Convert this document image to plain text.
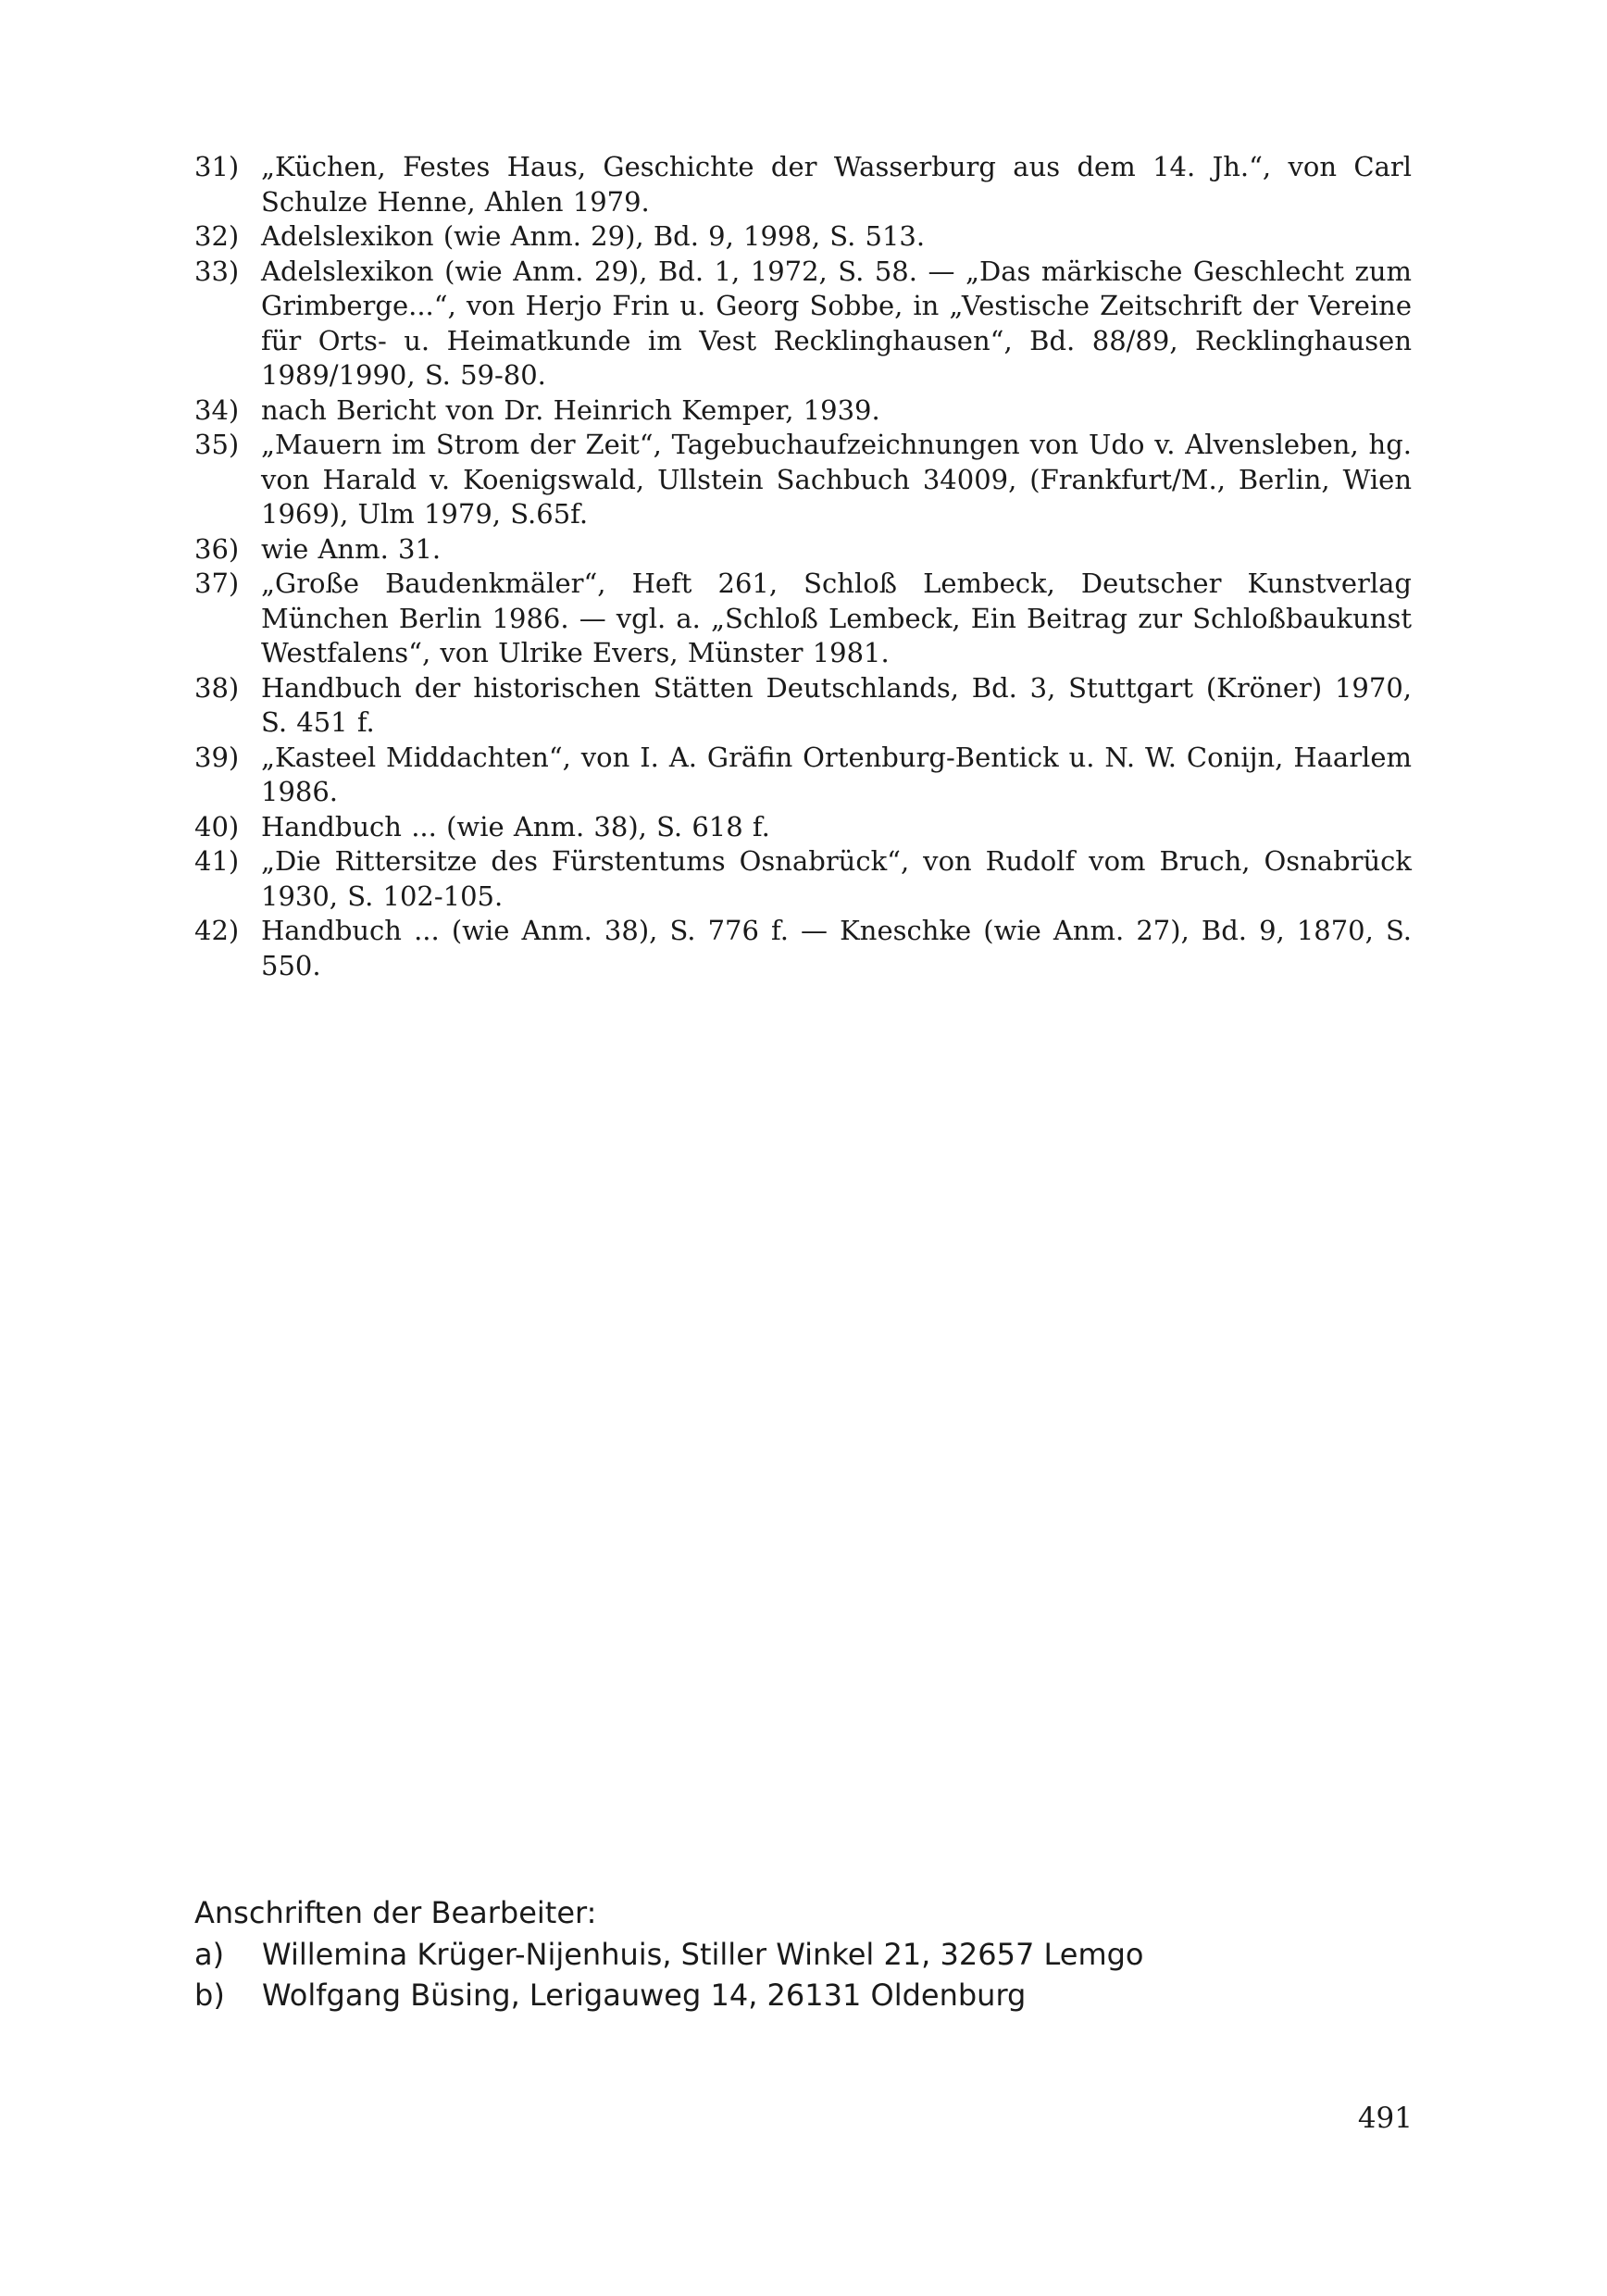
31) „Küchen, Festes Haus, Geschichte der Wasserburg aus dem 14. Jh.“, von Carl Schulze Henne, Ahlen 1979.
32) Adelslexikon (wie Anm. 29), Bd. 9, 1998, S. 513.
33) Adelslexikon (wie Anm. 29), Bd. 1, 1972, S. 58. — „Das märkische Geschlecht zum Grimberge...“, von Herjo Frin u. Georg Sobbe, in „Vestische Zeitschrift der Vereine für Orts- u. Heimatkunde im Vest Recklinghausen“, Bd. 88/89, Recklinghausen 1989/1990, S. 59-80.
34) nach Bericht von Dr. Heinrich Kemper, 1939.
35) „Mauern im Strom der Zeit“, Tagebuchaufzeichnungen von Udo v. Alvensleben, hg. von Harald v. Koenigswald, Ullstein Sachbuch 34009, (Frankfurt/M., Berlin, Wien 1969), Ulm 1979, S.65f.
36) wie Anm. 31.
37) „Große Baudenkmäler“, Heft 261, Schloß Lembeck, Deutscher Kunstverlag München Berlin 1986. — vgl. a. „Schloß Lembeck, Ein Beitrag zur Schloßbaukunst Westfalens“, von Ulrike Evers, Münster 1981.
38) Handbuch der historischen Stätten Deutschlands, Bd. 3, Stuttgart (Kröner) 1970, S. 451 f.
39) „Kasteel Middachten“, von I. A. Gräfin Ortenburg-Bentick u. N. W. Conijn, Haarlem 1986.
40) Handbuch ... (wie Anm. 38), S. 618 f.
41) „Die Rittersitze des Fürstentums Osnabrück“, von Rudolf vom Bruch, Osnabrück 1930, S. 102-105.
42) Handbuch ... (wie Anm. 38), S. 776 f. — Kneschke (wie Anm. 27), Bd. 9, 1870, S. 550.
Anschriften der Bearbeiter:
a)	Willemina Krüger-Nijenhuis, Stiller Winkel 21, 32657 Lemgo
b)	Wolfgang Büsing, Lerigauweg 14, 26131 Oldenburg
491
